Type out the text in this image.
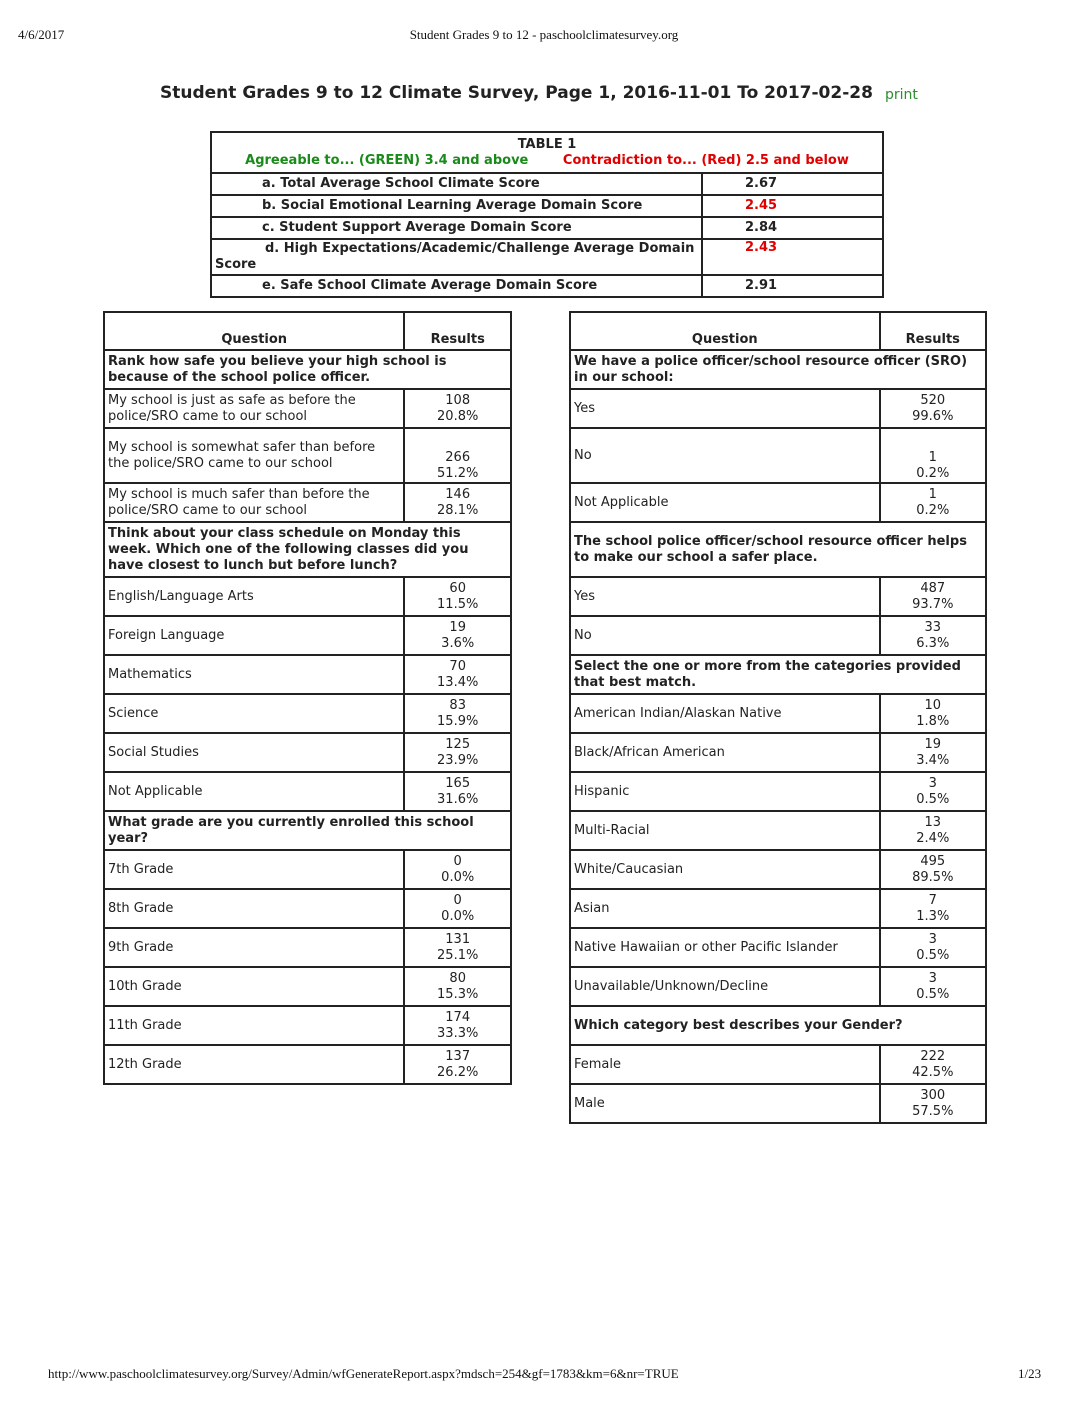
4/6/2017	Student Grades 9 to 12 - paschoolclimatesurvey.org
Student Grades 9 to 12 Climate Survey, Page 1, 2016-11-01 To 2017-02-28 print
TABLE 1
Agreeable to... (GREEN) 3.4 and above Contradiction to... (Red) 2.5 and below	
a. Total Average School Climate Score	2.67
b. Social Emotional Learning Average Domain Score	2.45
c. Student Support Average Domain Score	2.84
d. High Expectations/Academic/Challenge Average Domain Score	2.43
e. Safe School Climate Average Domain Score	2.91
Question	Results
Rank how safe you believe your high school is because of the school police officer.	
My school is just as safe as before the police/SRO came to our school	108
20.8%
My school is somewhat safer than before the police/SRO came to our school	266
51.2%
My school is much safer than before the police/SRO came to our school	146
28.1%
Think about your class schedule on Monday this week. Which one of the following classes did you have closest to lunch but before lunch?	
English/Language Arts	60
11.5%
Foreign Language	19
3.6%
Mathematics	70
13.4%
Science	83
15.9%
Social Studies	125
23.9%
Not Applicable	165
31.6%
What grade are you currently enrolled this school year?	
7th Grade	0
0.0%
8th Grade	0
0.0%
9th Grade	131
25.1%
10th Grade	80
15.3%
11th Grade	174
33.3%
12th Grade	137
26.2%
Question	Results
We have a police officer/school resource officer (SRO) in our school:	
Yes	520
99.6%
No	1
0.2%
Not Applicable	1
0.2%
The school police officer/school resource officer helps to make our school a safer place.	
Yes	487
93.7%
No	33
6.3%
Select the one or more from the categories provided that best match.	
American Indian/Alaskan Native	10
1.8%
Black/African American	19
3.4%
Hispanic	3
0.5%
Multi-Racial	13
2.4%
White/Caucasian	495
89.5%
Asian	7
1.3%
Native Hawaiian or other Pacific Islander	3
0.5%
Unavailable/Unknown/Decline	3
0.5%
Which category best describes your Gender?	
Female	222
42.5%
Male	300
57.5%
http://www.paschoolclimatesurvey.org/Survey/Admin/wfGenerateReport.aspx?mdsch=254&gf=1783&km=6&nr=TRUE	1/23
